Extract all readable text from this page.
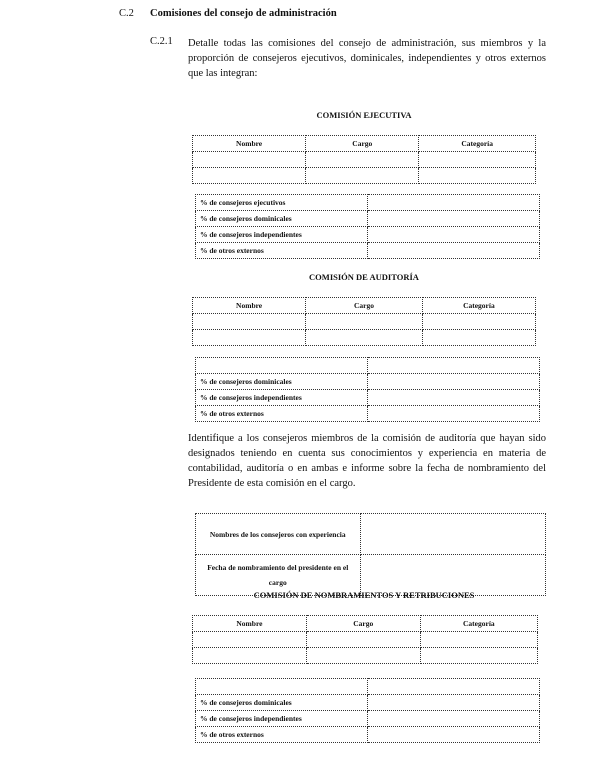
C.2 Comisiones del consejo de administración
C.2.1 Detalle todas las comisiones del consejo de administración, sus miembros y la proporción de consejeros ejecutivos, dominicales, independientes y otros externos que las integran:
COMISIÓN EJECUTIVA
Nombre	Cargo	Categoría

% de consejeros ejecutivos	
% de consejeros dominicales	
% de consejeros independientes	
% de otros externos	
COMISIÓN DE AUDITORÍA
Nombre	Cargo	Categoría

% de consejeros dominicales	
% de consejeros independientes	
% de otros externos	
Identifique a los consejeros miembros de la comisión de auditoría que hayan sido designados teniendo en cuenta sus conocimientos y experiencia en materia de contabilidad, auditoría o en ambas e informe sobre la fecha de nombramiento del Presidente de esta comisión en el cargo.
Nombres de los consejeros con experiencia	
Fecha de nombramiento del presidente en el cargo	
COMISIÓN DE NOMBRAMIENTOS Y RETRIBUCIONES
Nombre	Cargo	Categoría

% de consejeros dominicales	
% de consejeros independientes	
% de otros externos	
